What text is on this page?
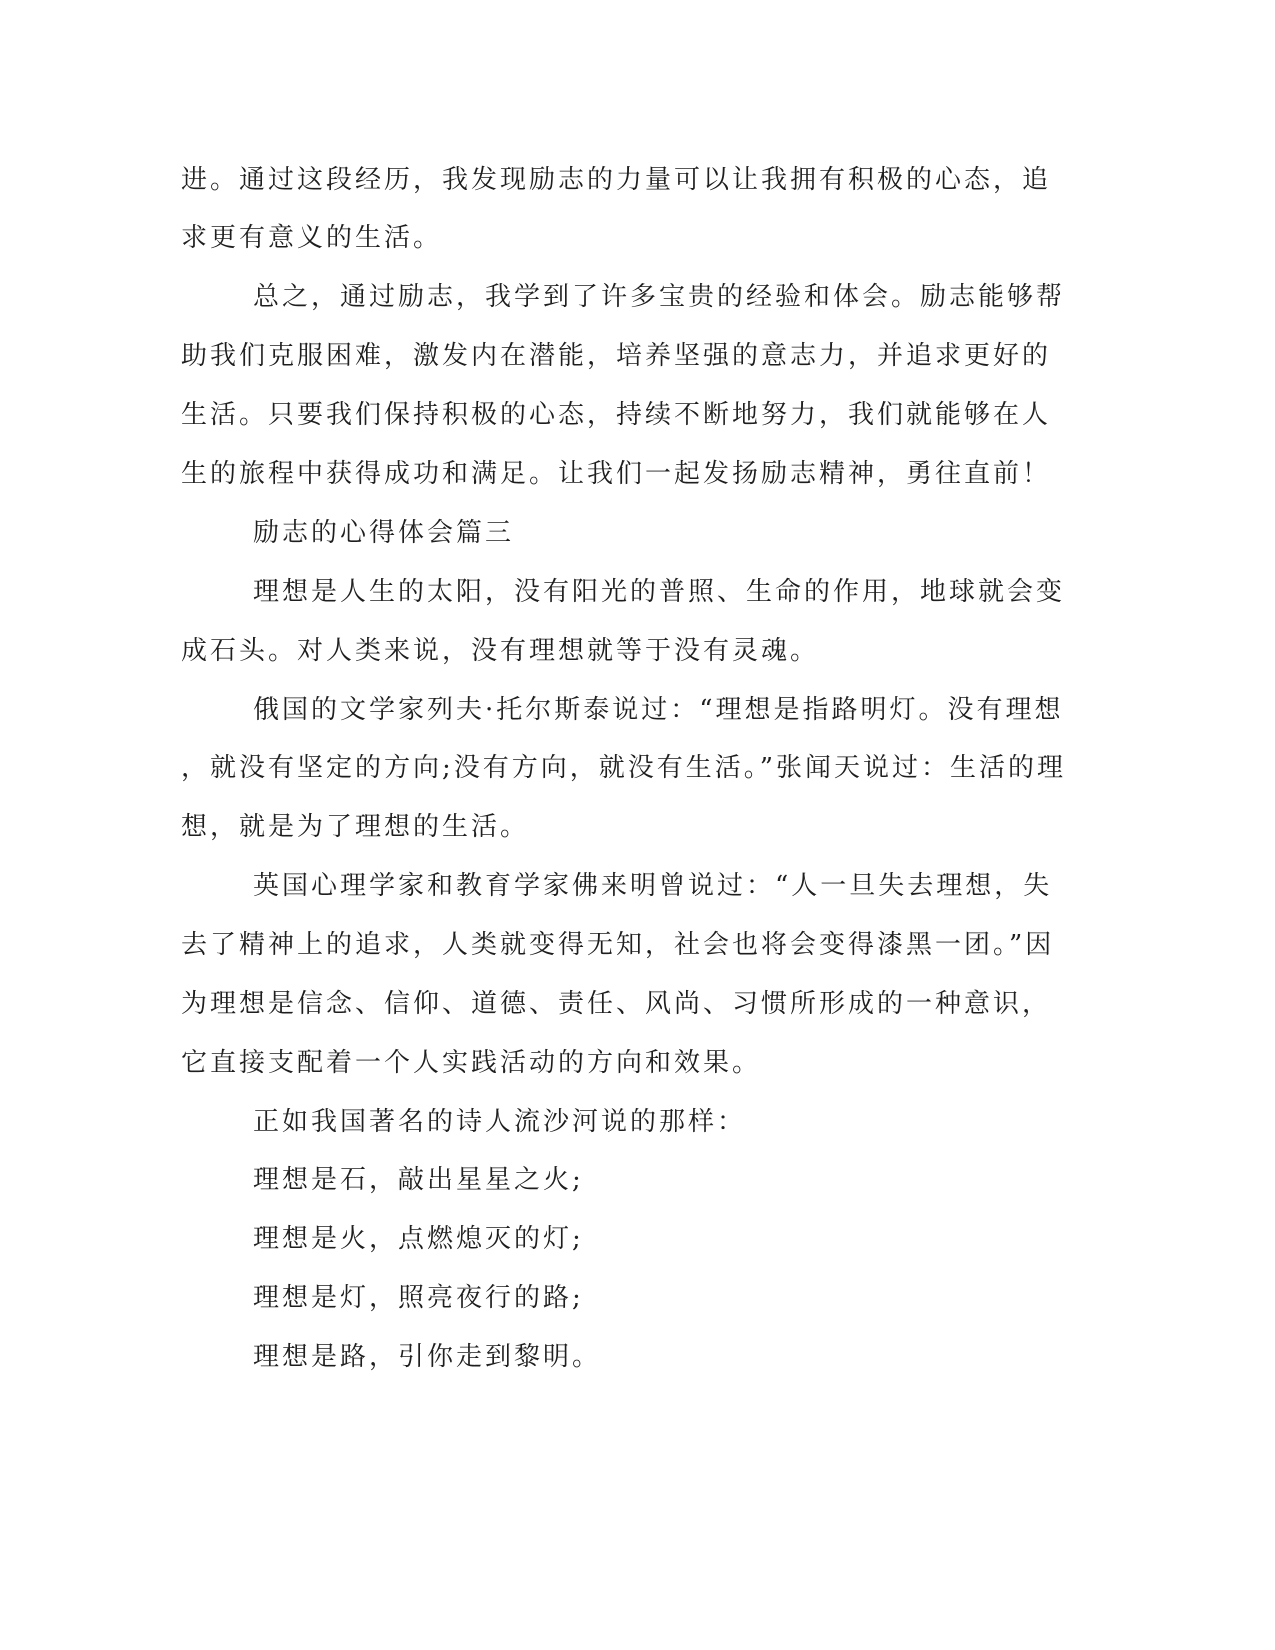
进。通过这段经历，我发现励志的力量可以让我拥有积极的心态，追
求更有意义的生活。
总之，通过励志，我学到了许多宝贵的经验和体会。励志能够帮
助我们克服困难，激发内在潜能，培养坚强的意志力，并追求更好的
生活。只要我们保持积极的心态，持续不断地努力，我们就能够在人
生的旅程中获得成功和满足。让我们一起发扬励志精神，勇往直前！
励志的心得体会篇三
理想是人生的太阳，没有阳光的普照、生命的作用，地球就会变
成石头。对人类来说，没有理想就等于没有灵魂。
俄国的文学家列夫·托尔斯泰说过：“理想是指路明灯。没有理想
，就没有坚定的方向;没有方向，就没有生活。”张闻天说过：生活的理
想，就是为了理想的生活。
英国心理学家和教育学家佛来明曾说过：“人一旦失去理想，失
去了精神上的追求，人类就变得无知，社会也将会变得漆黑一团。”因
为理想是信念、信仰、道德、责任、风尚、习惯所形成的一种意识，
它直接支配着一个人实践活动的方向和效果。
正如我国著名的诗人流沙河说的那样：
理想是石，敲出星星之火;
理想是火，点燃熄灭的灯;
理想是灯，照亮夜行的路;
理想是路，引你走到黎明。
